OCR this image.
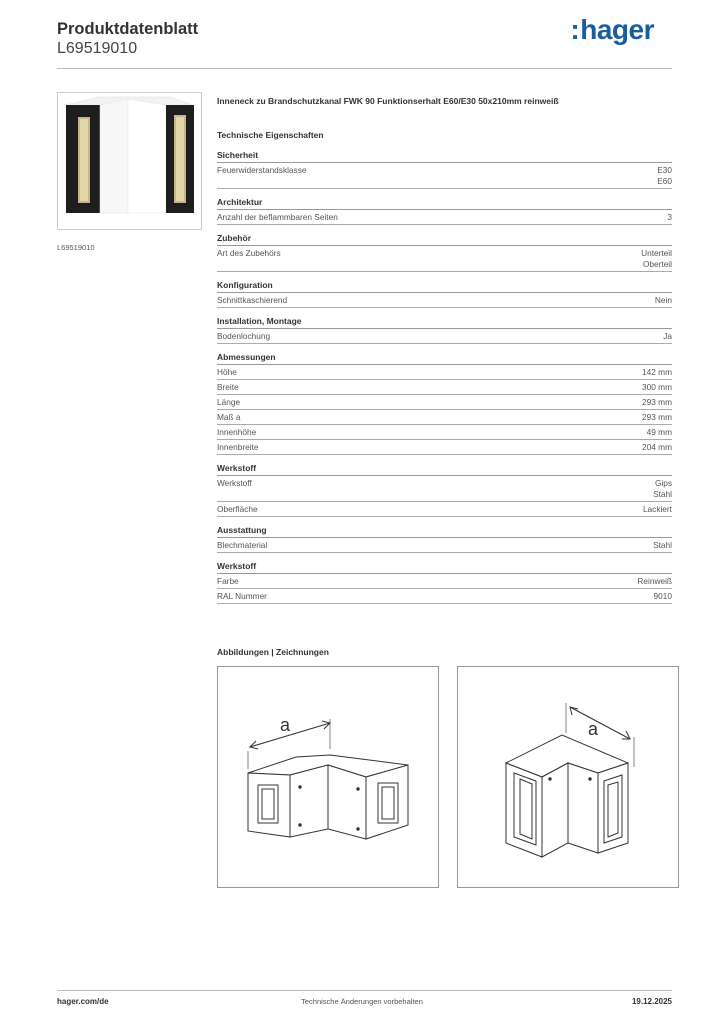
Produktdatenblatt
L69519010
:hager
L69519010
Inneneck zu Brandschutzkanal FWK 90 Funktionserhalt E60/E30 50x210mm reinweiß
Technische Eigenschaften
Sicherheit
Feuerwiderstandsklasse	E30
E60
Architektur
Anzahl der beflammbaren Seiten	3
Zubehör
Art des Zubehörs	Unterteil
Oberteil
Konfiguration
Schnittkaschierend	Nein
Installation, Montage
Bodenlochung	Ja
Abmessungen
Höhe	142 mm
Breite	300 mm
Länge	293 mm
Maß a	293 mm
Innenhöhe	49 mm
Innenbreite	204 mm
Werkstoff
Werkstoff	Gips
Stahl
Oberfläche	Lackiert
Ausstattung
Blechmaterial	Stahl
Werkstoff
Farbe	Reinweiß
RAL Nummer	9010
Abbildungen | Zeichnungen
a	a
hager.com/de	Technische Änderungen vorbehalten	19.12.2025
